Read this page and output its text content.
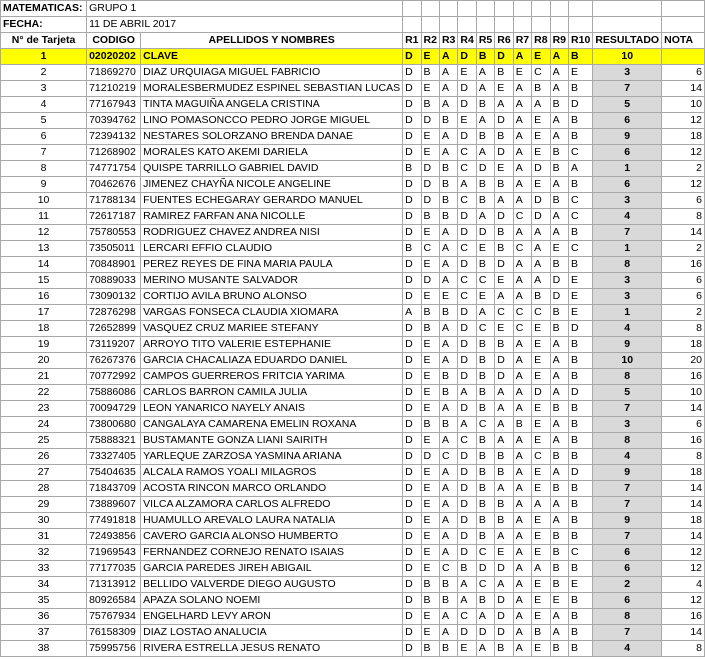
MATEMATICAS:	GRUPO 1													
FECHA:	11 DE ABRIL 2017													
N° de Tarjeta	CODIGO	APELLIDOS Y NOMBRES	R1	R2	R3	R4	R5	R6	R7	R8	R9	R10	RESULTADO	NOTA
1	02020202	CLAVE	D	E	A	D	B	D	A	E	A	B	10	
2	71869270	DIAZ URQUIAGA MIGUEL FABRICIO	D	B	A	E	A	B	E	C	A	E	3	6
3	71210219	MORALESBERMUDEZ ESPINEL SEBASTIAN LUCAS	D	E	A	D	A	E	A	B	A	B	7	14
4	77167943	TINTA MAGUIÑA ANGELA CRISTINA	D	B	A	D	B	A	A	A	B	D	5	10
5	70394762	LINO POMASONCCO PEDRO JORGE MIGUEL	D	D	B	E	A	D	A	E	A	B	6	12
6	72394132	NESTARES SOLORZANO BRENDA DANAE	D	E	A	D	B	B	A	E	A	B	9	18
7	71268902	MORALES KATO AKEMI DARIELA	D	E	A	C	A	D	A	E	B	C	6	12
8	74771754	QUISPE TARRILLO GABRIEL DAVID	B	D	B	C	D	E	A	D	B	A	1	2
9	70462676	JIMENEZ CHAYÑA NICOLE ANGELINE	D	D	B	A	B	B	A	E	A	B	6	12
10	71788134	FUENTES ECHEGARAY GERARDO MANUEL	D	D	B	C	B	A	A	D	B	C	3	6
11	72617187	RAMIREZ FARFAN ANA NICOLLE	D	B	B	D	A	D	C	D	A	C	4	8
12	75780553	RODRIGUEZ CHAVEZ ANDREA NISI	D	E	A	D	D	B	A	A	A	B	7	14
13	73505011	LERCARI EFFIO CLAUDIO	B	C	A	C	E	B	C	A	E	C	1	2
14	70848901	PEREZ REYES DE FINA MARIA PAULA	D	E	A	D	B	D	A	A	B	B	8	16
15	70889033	MERINO MUSANTE SALVADOR	D	D	A	C	C	E	A	A	D	E	3	6
16	73090132	CORTIJO AVILA BRUNO ALONSO	D	E	E	C	E	A	A	B	D	E	3	6
17	72876298	VARGAS FONSECA CLAUDIA XIOMARA	A	B	B	D	A	C	C	C	B	E	1	2
18	72652899	VASQUEZ CRUZ MARIEE STEFANY	D	B	A	D	C	E	C	E	B	D	4	8
19	73119207	ARROYO TITO VALERIE ESTEPHANIE	D	E	A	D	B	B	A	E	A	B	9	18
20	76267376	GARCIA CHACALIAZA EDUARDO DANIEL	D	E	A	D	B	D	A	E	A	B	10	20
21	70772992	CAMPOS GUERREROS FRITCIA YARIMA	D	E	B	D	B	D	A	E	A	B	8	16
22	75886086	CARLOS BARRON CAMILA JULIA	D	E	B	A	B	A	A	D	A	D	5	10
23	70094729	LEON YANARICO NAYELY ANAIS	D	E	A	D	B	A	A	E	B	B	7	14
24	73800680	CANGALAYA CAMARENA EMELIN ROXANA	D	B	B	A	C	A	B	E	A	B	3	6
25	75888321	BUSTAMANTE GONZA LIANI SAIRITH	D	E	A	C	B	A	A	E	A	B	8	16
26	73327405	YARLEQUE ZARZOSA YASMINA ARIANA	D	D	C	D	B	B	A	C	B	B	4	8
27	75404635	ALCALA RAMOS YOALI MILAGROS	D	E	A	D	B	B	A	E	A	D	9	18
28	71843709	ACOSTA RINCON MARCO ORLANDO	D	E	A	D	B	A	A	E	B	B	7	14
29	73889607	VILCA ALZAMORA CARLOS ALFREDO	D	E	A	D	B	B	A	A	A	B	7	14
30	77491818	HUAMULLO AREVALO LAURA NATALIA	D	E	A	D	B	B	A	E	A	B	9	18
31	72493856	CAVERO GARCIA ALONSO HUMBERTO	D	E	A	D	B	A	A	E	B	B	7	14
32	71969543	FERNANDEZ CORNEJO RENATO ISAIAS	D	E	A	D	C	E	A	E	B	C	6	12
33	77177035	GARCIA PAREDES JIREH ABIGAIL	D	E	C	B	D	D	A	A	B	B	6	12
34	71313912	BELLIDO VALVERDE DIEGO AUGUSTO	D	B	B	A	C	A	A	E	B	E	2	4
35	80926584	APAZA SOLANO NOEMI	D	B	B	A	B	D	A	E	E	B	6	12
36	75767934	ENGELHARD LEVY ARON	D	E	A	C	A	D	A	E	A	B	8	16
37	76158309	DIAZ LOSTAO ANALUCIA	D	E	A	D	D	D	A	B	A	B	7	14
38	75995756	RIVERA ESTRELLA JESUS RENATO	D	B	B	E	A	B	A	E	B	B	4	8
